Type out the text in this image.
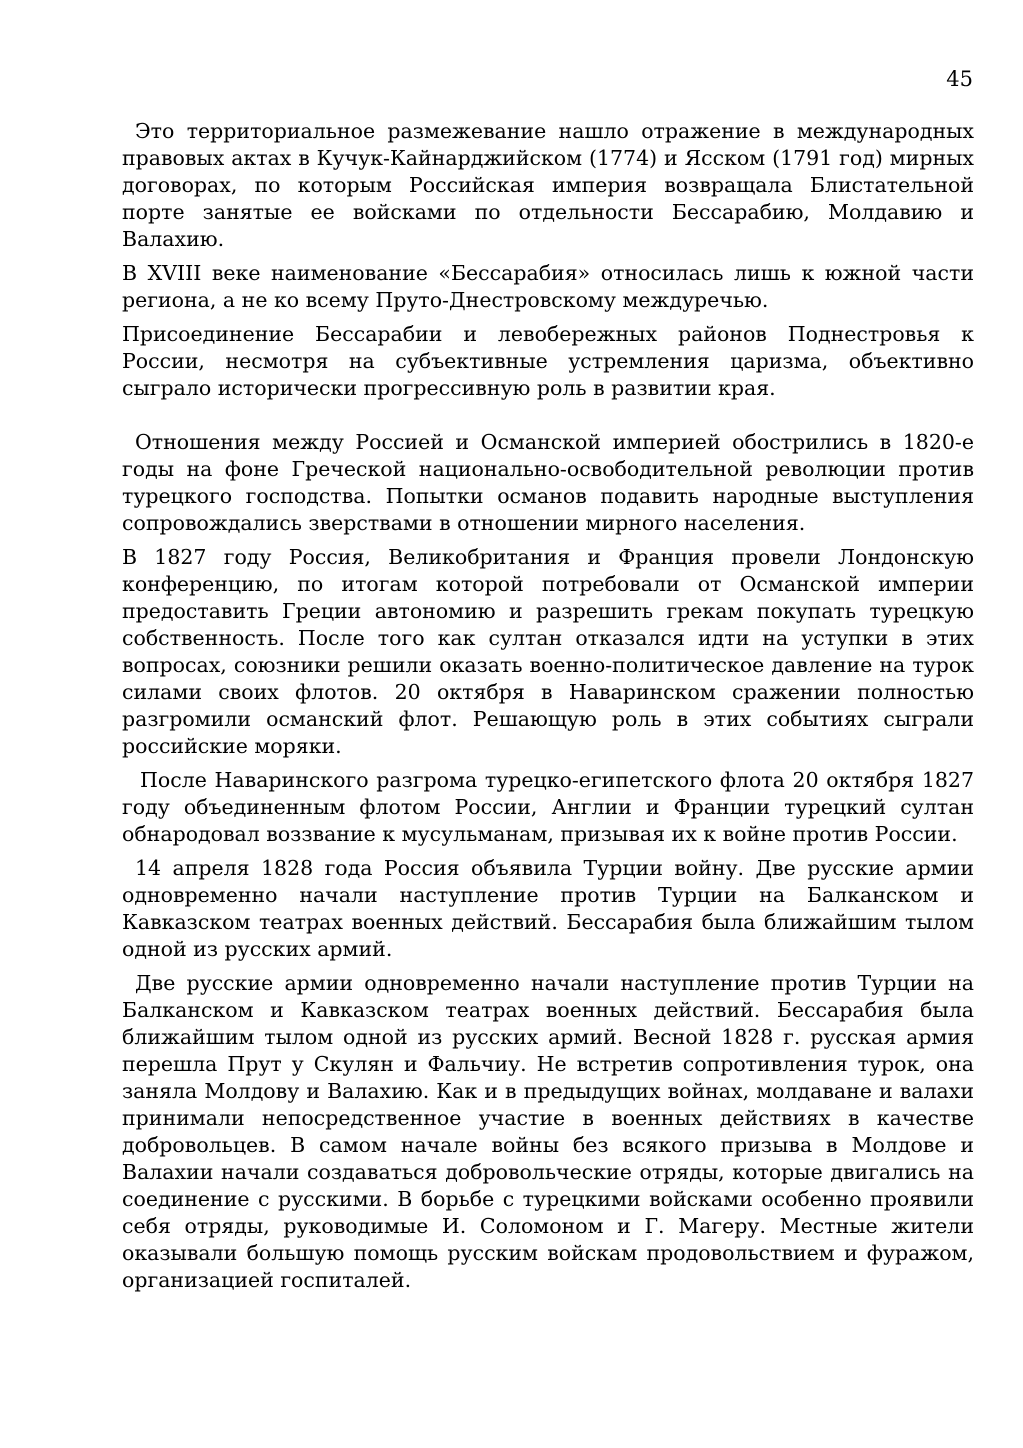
45

Это территориальное размежевание нашло отражение в международных правовых актах в Кучук-Кайнарджийском (1774) и Ясском (1791 год) мирных договорах, по которым Российская империя возвращала Блистательной порте занятые ее войсками по отдельности Бессарабию, Молдавию и Валахию.

В XVIII веке наименование «Бессарабия» относилась лишь к южной части региона, а не ко всему Пруто-Днестровскому междуречью.

Присоединение Бессарабии и левобережных районов Поднестровья к России, несмотря на субъективные устремления царизма, объективно сыграло исторически прогрессивную роль в развитии края.

Отношения между Россией и Османской империей обострились в 1820-е годы на фоне Греческой национально-освободительной революции против турецкого господства. Попытки османов подавить народные выступления сопровождались зверствами в отношении мирного населения.

В 1827 году Россия, Великобритания и Франция провели Лондонскую конференцию, по итогам которой потребовали от Османской империи предоставить Греции автономию и разрешить грекам покупать турецкую собственность. После того как султан отказался идти на уступки в этих вопросах, союзники решили оказать военно-политическое давление на турок силами своих флотов. 20 октября в Наваринском сражении полностью разгромили османский флот. Решающую роль в этих событиях сыграли российские моряки.

После Наваринского разгрома турецко-египетского флота 20 октября 1827 году объединенным флотом России, Англии и Франции турецкий султан обнародовал воззвание к мусульманам, призывая их к войне против России.

14 апреля 1828 года Россия объявила Турции войну. Две русские армии одновременно начали наступление против Турции на Балканском и Кавказском театрах военных действий. Бессарабия была ближайшим тылом одной из русских армий.

Две русские армии одновременно начали наступление против Турции на Балканском и Кавказском театрах военных действий. Бессарабия была ближайшим тылом одной из русских армий. Весной 1828 г. русская армия перешла Прут у Скулян и Фальчиу. Не встретив сопротивления турок, она заняла Молдову и Валахию. Как и в предыдущих войнах, молдаване и валахи принимали непосредственное участие в военных действиях в качестве добровольцев. В самом начале войны без всякого призыва в Молдове и Валахии начали создаваться добровольческие отряды, которые двигались на соединение с русскими. В борьбе с турецкими войсками особенно проявили себя отряды, руководимые И. Соломоном и Г. Магеру. Местные жители оказывали большую помощь русским войскам продовольствием и фуражом, организацией госпиталей.
